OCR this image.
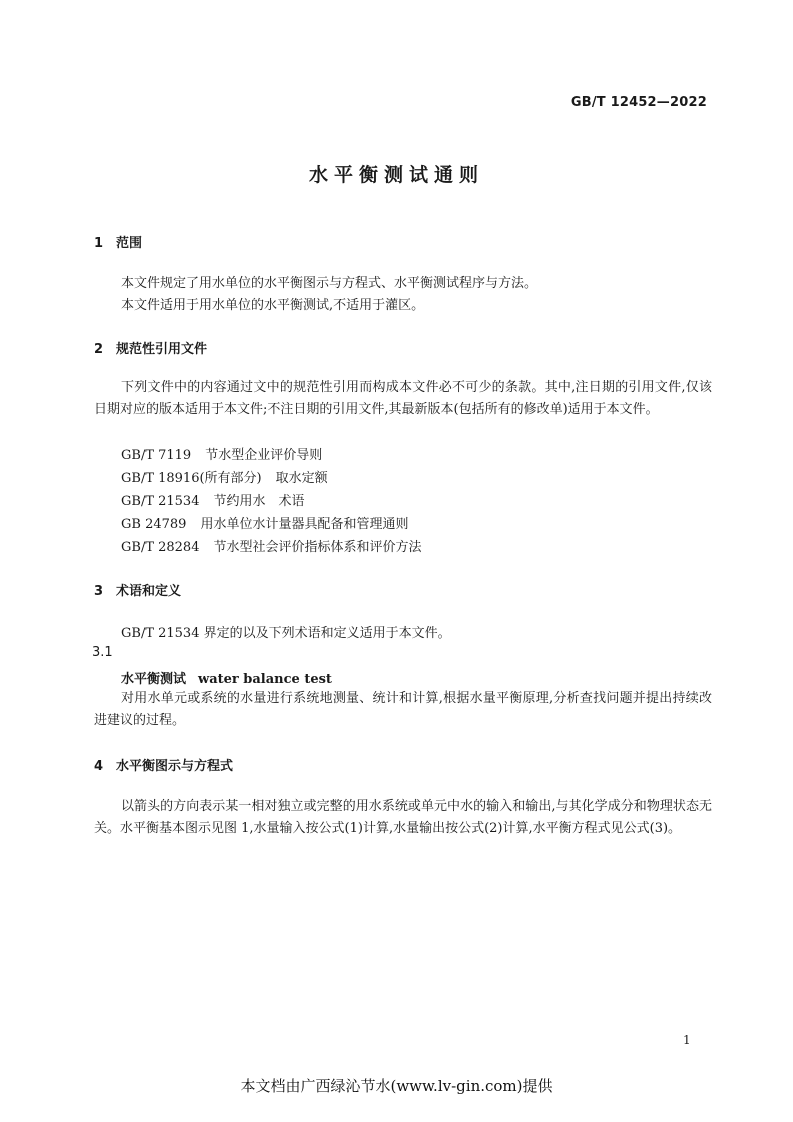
GB/T 12452—2022
水平衡测试通则
1 范围
本文件规定了用水单位的水平衡图示与方程式、水平衡测试程序与方法。
本文件适用于用水单位的水平衡测试,不适用于灌区。
2 规范性引用文件
下列文件中的内容通过文中的规范性引用而构成本文件必不可少的条款。其中,注日期的引用文件,仅该日期对应的版本适用于本文件;不注日期的引用文件,其最新版本(包括所有的修改单)适用于本文件。
GB/T 7119 节水型企业评价导则
GB/T 18916(所有部分) 取水定额
GB/T 21534 节约用水　术语
GB 24789 用水单位水计量器具配备和管理通则
GB/T 28284 节水型社会评价指标体系和评价方法
3 术语和定义
GB/T 21534 界定的以及下列术语和定义适用于本文件。
3.1
水平衡测试 water balance test
对用水单元或系统的水量进行系统地测量、统计和计算,根据水量平衡原理,分析查找问题并提出持续改进建议的过程。
4 水平衡图示与方程式
以箭头的方向表示某一相对独立或完整的用水系统或单元中水的输入和输出,与其化学成分和物理状态无关。水平衡基本图示见图 1,水量输入按公式(1)计算,水量输出按公式(2)计算,水平衡方程式见公式(3)。
1
本文档由广西绿沁节水(www.lv-gin.com)提供
